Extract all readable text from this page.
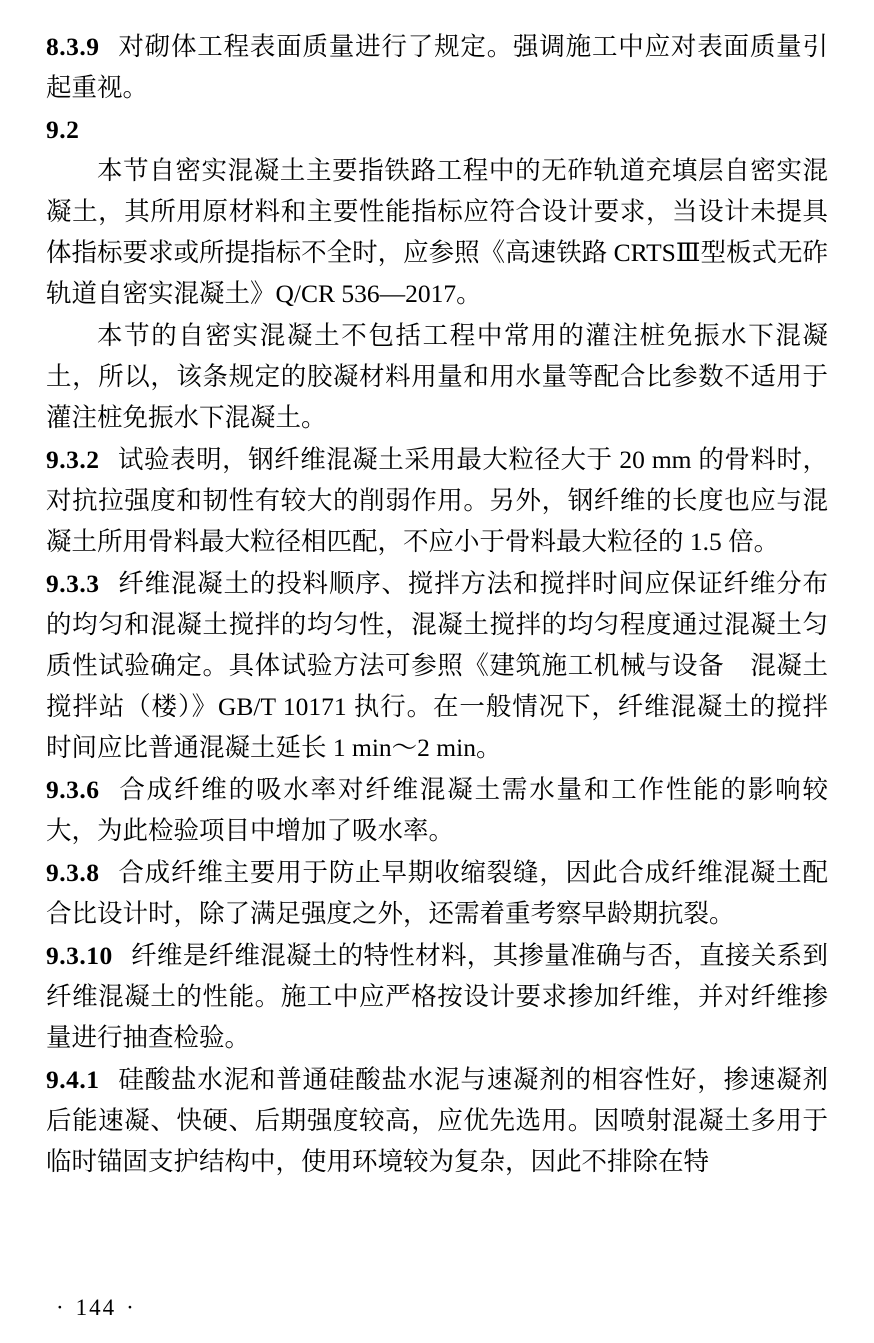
8.3.9 对砌体工程表面质量进行了规定。强调施工中应对表面质量引起重视。

9.2

本节自密实混凝土主要指铁路工程中的无砟轨道充填层自密实混凝土，其所用原材料和主要性能指标应符合设计要求，当设计未提具体指标要求或所提指标不全时，应参照《高速铁路 CRTSⅢ型板式无砟轨道自密实混凝土》Q/CR 536—2017。

本节的自密实混凝土不包括工程中常用的灌注桩免振水下混凝土，所以，该条规定的胶凝材料用量和用水量等配合比参数不适用于灌注桩免振水下混凝土。

9.3.2 试验表明，钢纤维混凝土采用最大粒径大于 20 mm 的骨料时，对抗拉强度和韧性有较大的削弱作用。另外，钢纤维的长度也应与混凝土所用骨料最大粒径相匹配，不应小于骨料最大粒径的 1.5 倍。

9.3.3 纤维混凝土的投料顺序、搅拌方法和搅拌时间应保证纤维分布的均匀和混凝土搅拌的均匀性，混凝土搅拌的均匀程度通过混凝土匀质性试验确定。具体试验方法可参照《建筑施工机械与设备　混凝土搅拌站（楼）》GB/T 10171 执行。在一般情况下，纤维混凝土的搅拌时间应比普通混凝土延长 1 min～2 min。

9.3.6 合成纤维的吸水率对纤维混凝土需水量和工作性能的影响较大，为此检验项目中增加了吸水率。

9.3.8 合成纤维主要用于防止早期收缩裂缝，因此合成纤维混凝土配合比设计时，除了满足强度之外，还需着重考察早龄期抗裂。

9.3.10 纤维是纤维混凝土的特性材料，其掺量准确与否，直接关系到纤维混凝土的性能。施工中应严格按设计要求掺加纤维，并对纤维掺量进行抽查检验。

9.4.1 硅酸盐水泥和普通硅酸盐水泥与速凝剂的相容性好，掺速凝剂后能速凝、快硬、后期强度较高，应优先选用。因喷射混凝土多用于临时锚固支护结构中，使用环境较为复杂，因此不排除在特

· 144 ·
